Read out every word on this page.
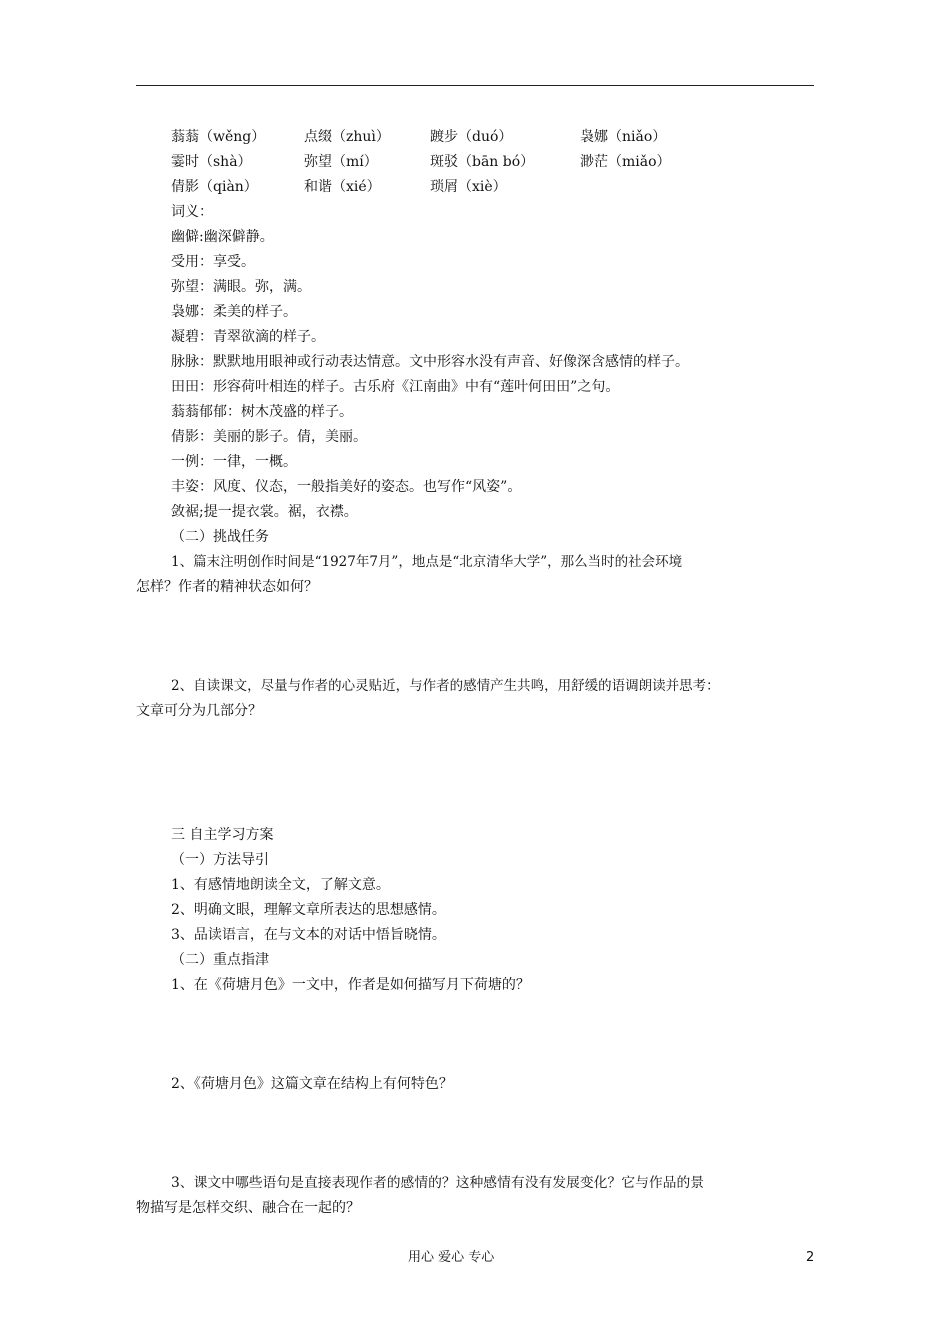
蓊蓊（wěng）	点缀（zhuì）	踱步（duó）	袅娜（niǎo）
霎时（shà）	弥望（mí）	斑驳（bān bó）	渺茫（miǎo）
倩影（qiàn）	和谐（xié）	琐屑（xiè）
词义：
幽僻:幽深僻静。
受用：享受。
弥望：满眼。弥，满。
袅娜：柔美的样子。
凝碧：青翠欲滴的样子。
脉脉：默默地用眼神或行动表达情意。文中形容水没有声音、好像深含感情的样子。
田田：形容荷叶相连的样子。古乐府《江南曲》中有“莲叶何田田”之句。
蓊蓊郁郁：树木茂盛的样子。
倩影：美丽的影子。倩，美丽。
一例：一律，一概。
丰姿：风度、仪态，一般指美好的姿态。也写作“风姿”。
敛裾;提一提衣裳。裾，衣襟。
（二）挑战任务
1、篇末注明创作时间是“1927年7月”，地点是“北京清华大学”，那么当时的社会环境
怎样？作者的精神状态如何？
2、自读课文，尽量与作者的心灵贴近，与作者的感情产生共鸣，用舒缓的语调朗读并思考：
文章可分为几部分？
三 自主学习方案
（一）方法导引
1、有感情地朗读全文，了解文意。
2、明确文眼，理解文章所表达的思想感情。
3、品读语言，在与文本的对话中悟旨晓情。
（二）重点指津
1、在《荷塘月色》一文中，作者是如何描写月下荷塘的？
2、《荷塘月色》这篇文章在结构上有何特色？
3、课文中哪些语句是直接表现作者的感情的？这种感情有没有发展变化？它与作品的景
物描写是怎样交织、融合在一起的？
用心 爱心 专心	2
